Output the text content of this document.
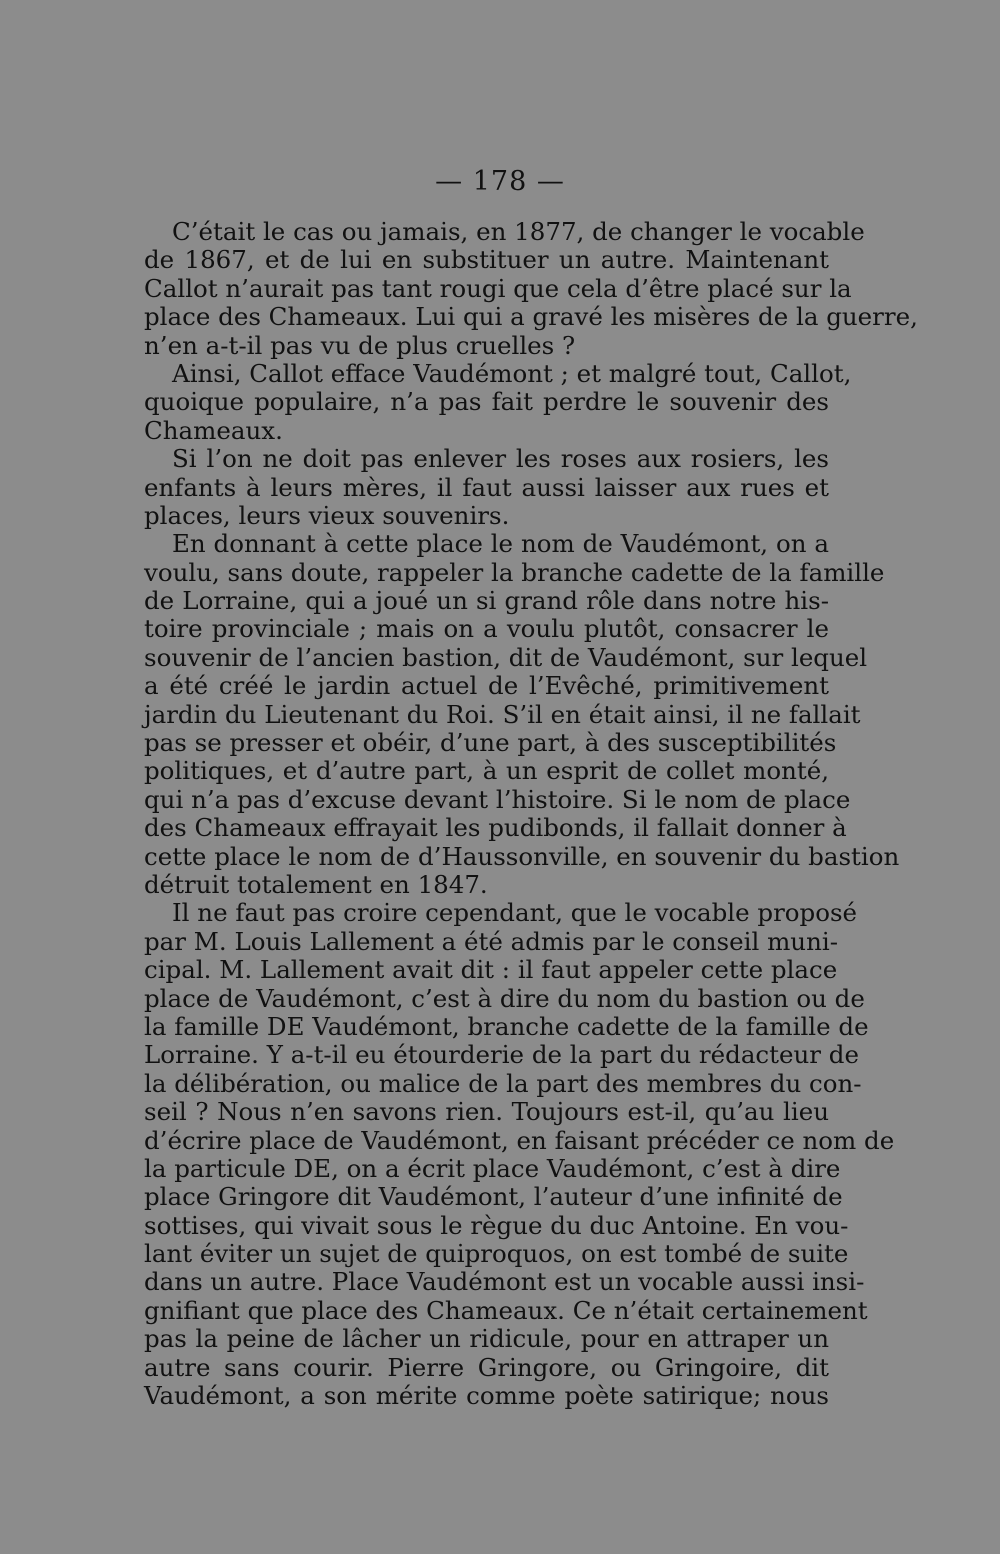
— 178 —
C’était le cas ou jamais, en 1877, de changer le vocable
de 1867, et de lui en substituer un autre. Maintenant
Callot n’aurait pas tant rougi que cela d’être placé sur la
place des Chameaux. Lui qui a gravé les misères de la guerre,
n’en a-t-il pas vu de plus cruelles ?
Ainsi, Callot efface Vaudémont ; et malgré tout, Callot,
quoique populaire, n’a pas fait perdre le souvenir des
Chameaux.
Si l’on ne doit pas enlever les roses aux rosiers, les
enfants à leurs mères, il faut aussi laisser aux rues et
places, leurs vieux souvenirs.
En donnant à cette place le nom de Vaudémont, on a
voulu, sans doute, rappeler la branche cadette de la famille
de Lorraine, qui a joué un si grand rôle dans notre his-
toire provinciale ; mais on a voulu plutôt, consacrer le
souvenir de l’ancien bastion, dit de Vaudémont, sur lequel
a été créé le jardin actuel de l’Evêché, primitivement
jardin du Lieutenant du Roi. S’il en était ainsi, il ne fallait
pas se presser et obéir, d’une part, à des susceptibilités
politiques, et d’autre part, à un esprit de collet monté,
qui n’a pas d’excuse devant l’histoire. Si le nom de place
des Chameaux effrayait les pudibonds, il fallait donner à
cette place le nom de d’Haussonville, en souvenir du bastion
détruit totalement en 1847.
Il ne faut pas croire cependant, que le vocable proposé
par M. Louis Lallement a été admis par le conseil muni-
cipal. M. Lallement avait dit : il faut appeler cette place
place de Vaudémont, c’est à dire du nom du bastion ou de
la famille DE Vaudémont, branche cadette de la famille de
Lorraine. Y a-t-il eu étourderie de la part du rédacteur de
la délibération, ou malice de la part des membres du con-
seil ? Nous n’en savons rien. Toujours est-il, qu’au lieu
d’écrire place de Vaudémont, en faisant précéder ce nom de
la particule DE, on a écrit place Vaudémont, c’est à dire
place Gringore dit Vaudémont, l’auteur d’une infinité de
sottises, qui vivait sous le règue du duc Antoine. En vou-
lant éviter un sujet de quiproquos, on est tombé de suite
dans un autre. Place Vaudémont est un vocable aussi insi-
gnifiant que place des Chameaux. Ce n’était certainement
pas la peine de lâcher un ridicule, pour en attraper un
autre sans courir. Pierre Gringore, ou Gringoire, dit
Vaudémont, a son mérite comme poète satirique; nous
